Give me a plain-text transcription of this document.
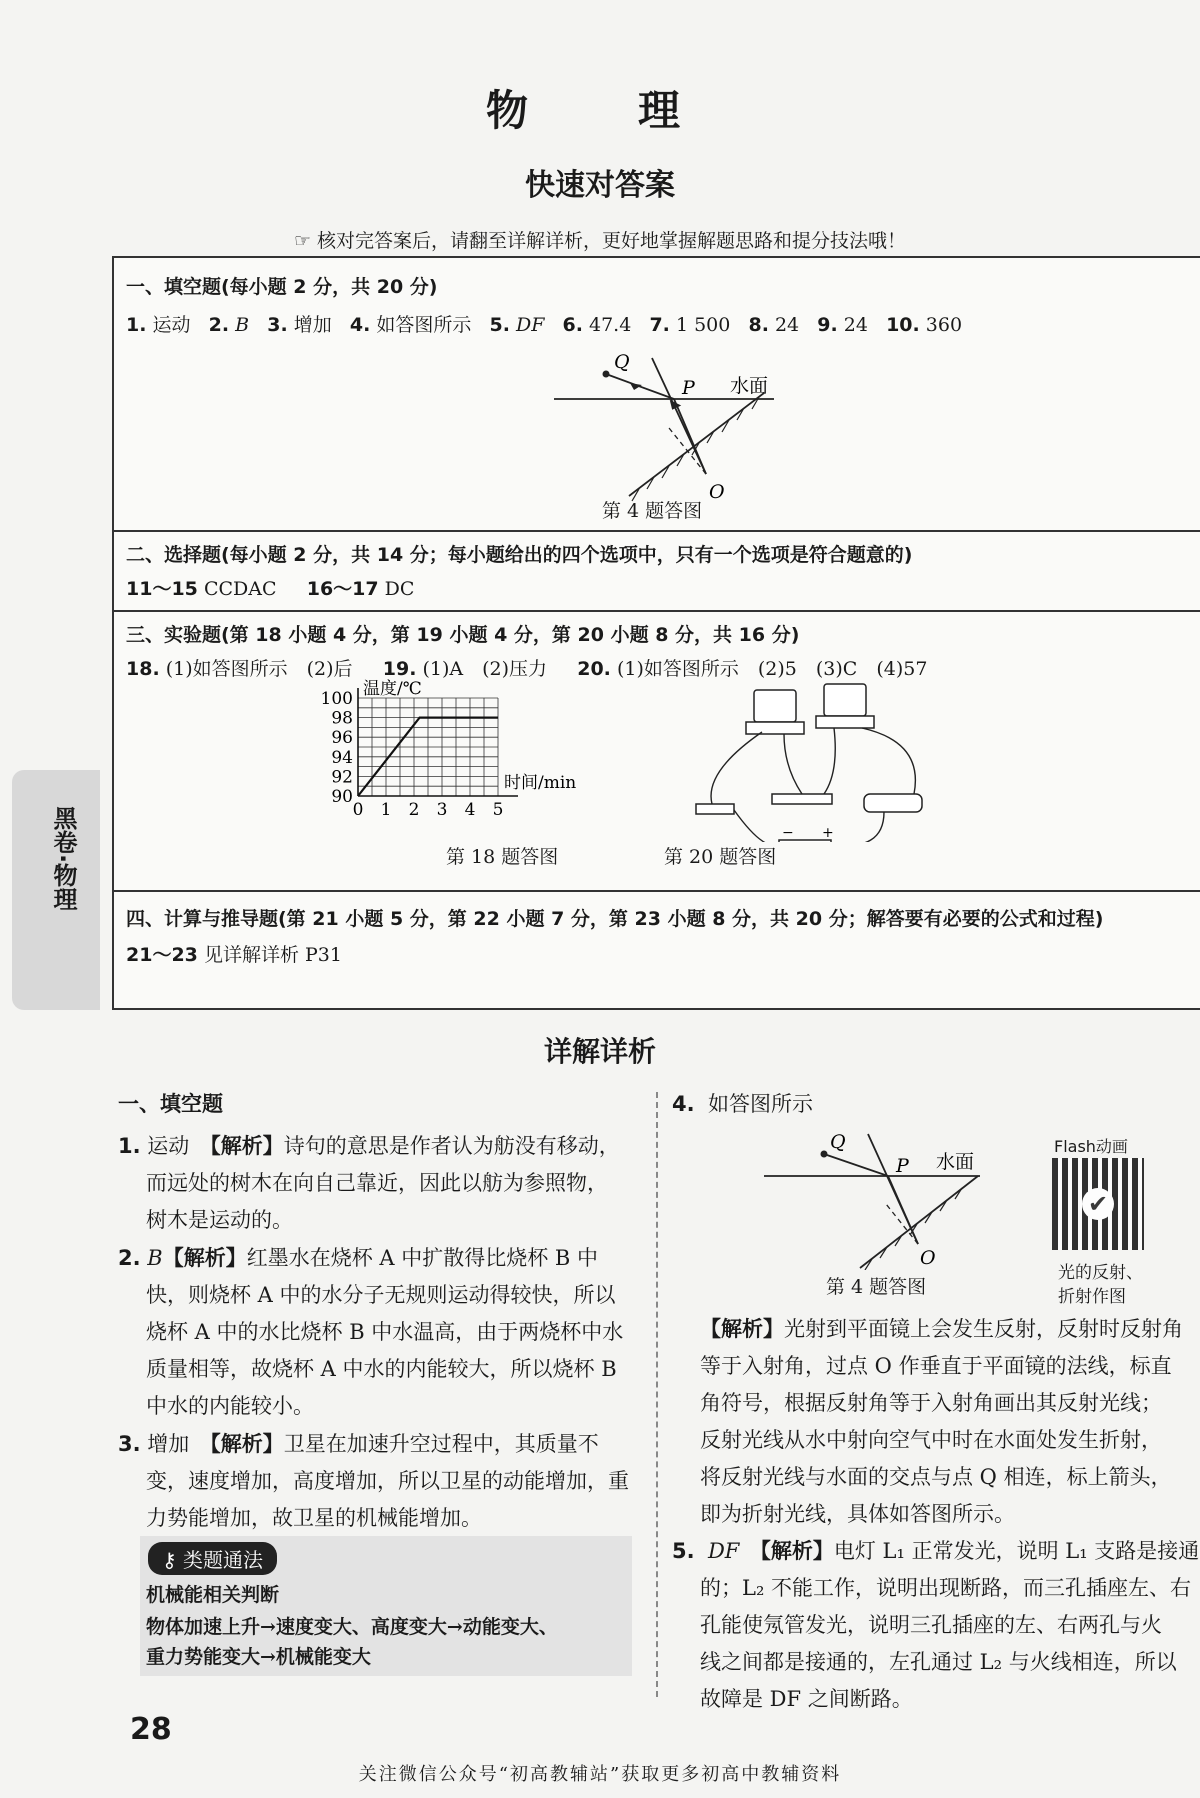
物　理
快速对答案
☞ 核对完答案后，请翻至详解详析，更好地掌握解题思路和提分技法哦！
一、填空题(每小题 2 分，共 20 分)
1. 运动 2. B 3. 增加 4. 如答图所示 5. DF 6. 47.4 7. 1 500 8. 24 9. 24 10. 360
Q
P
O
水面
第 4 题答图
二、选择题(每小题 2 分，共 14 分；每小题给出的四个选项中，只有一个选项是符合题意的)
11～15 CCDAC 16～17 DC
三、实验题(第 18 小题 4 分，第 19 小题 4 分，第 20 小题 8 分，共 16 分)
18. (1)如答图所示　(2)后 19. (1)A　(2)压力 20. (1)如答图所示　(2)5　(3)C　(4)57
90
92
94
96
98
100
0 1 2 3 4 5
温度/℃
时间/min
第 18 题答图
− +
第 20 题答图
四、计算与推导题(第 21 小题 5 分，第 22 小题 7 分，第 23 小题 8 分，共 20 分；解答要有必要的公式和过程)
21～23 见详解详析 P31
黑卷·物理
详解详析

一、填空题

1. 运动　 【解析】诗句的意思是作者认为舫没有移动，

而远处的树木在向自己靠近，因此以舫为参照物，

树木是运动的。

2. B【解析】红墨水在烧杯 A 中扩散得比烧杯 B 中

快，则烧杯 A 中的水分子无规则运动得较快，所以

烧杯 A 中的水比烧杯 B 中水温高，由于两烧杯中水

质量相等，故烧杯 A 中水的内能较大，所以烧杯 B

中水的内能较小。

3. 增加　 【解析】卫星在加速升空过程中，其质量不

变，速度增加，高度增加，所以卫星的动能增加，重

力势能增加，故卫星的机械能增加。

⚷ 类题通法
机械能相关判断
物体加速上升→速度变大、高度变大→动能变大、
重力势能变大→机械能变大

4. 如答图所示

Q
P
O
水面
第 4 题答图
Flash动画
✔
光的反射、
折射作图

【解析】光射到平面镜上会发生反射，反射时反射角

等于入射角，过点 O 作垂直于平面镜的法线，标直

角符号，根据反射角等于入射角画出其反射光线；

反射光线从水中射向空气中时在水面处发生折射，

将反射光线与水面的交点与点 Q 相连，标上箭头，

即为折射光线，具体如答图所示。

5. DF　 【解析】电灯 L₁ 正常发光，说明 L₁ 支路是接通

的；L₂ 不能工作，说明出现断路，而三孔插座左、右

孔能使氖管发光，说明三孔插座的左、右两孔与火

线之间都是接通的，左孔通过 L₂ 与火线相连，所以

故障是 DF 之间断路。

28
关注微信公众号“初高教辅站”获取更多初高中教辅资料
